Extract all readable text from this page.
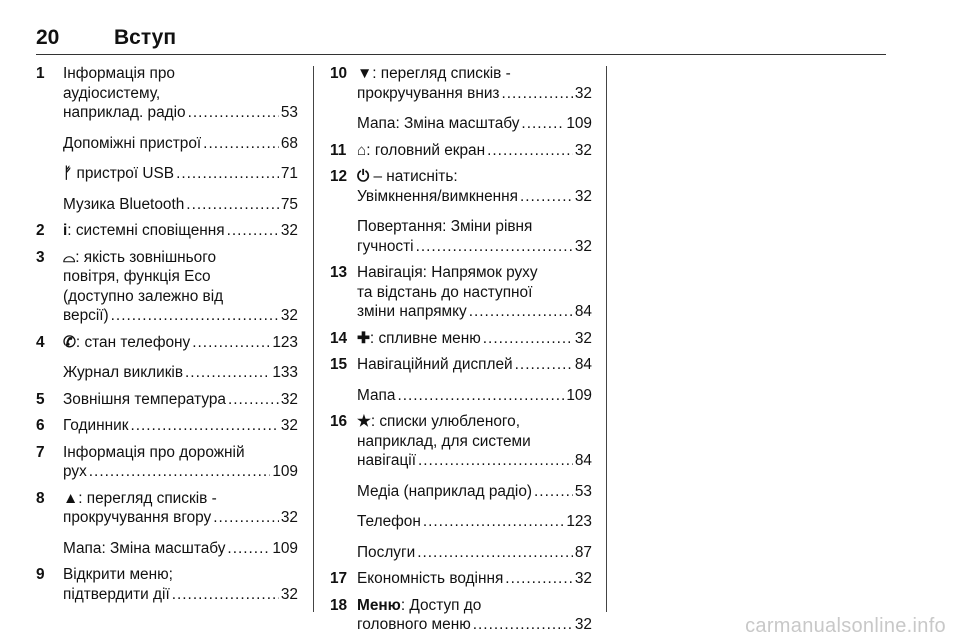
20	Вступ
1	Інформація про
аудіосистему,
наприклад. радіо .....	53
Допоміжні пристрої .....	68
ᚠ пристрої USB .....	71
Музика Bluetooth .....	75
2	i: системні сповіщення .....	32
3	⌓: якість зовнішнього
повітря, функція Eco
(доступно залежно від
версії) .....	32
4	✆: стан телефону .....	123
Журнал викликів .....	133
5	Зовнішня температура .....	32
6	Годинник .....	32
7	Інформація про дорожній
рух .....	109
8	▲: перегляд списків -
прокручування вгору .....	32
Мапа: Зміна масштабу .....	109
9	Відкрити меню;
підтвердити дії .....	32
10 ▼: перегляд списків -
прокручування вниз .....	32
Мапа: Зміна масштабу .....	109
11 ⌂: головний екран .....	32
12 ⏻ – натисніть:
Увімкнення/вимкнення .....	32
Повертання: Зміни рівня
гучності .....	32
13 Навігація: Напрямок руху
та відстань до наступної
зміни напрямку .....	84
14 ✚: спливне меню .....	32
15 Навігаційний дисплей .....	84
Мапа .....	109
16 ★: списки улюбленого,
наприклад, для системи
навігації .....	84
Медіа (наприклад радіо) .....	53
Телефон .....	123
Послуги .....	87
17 Економність водіння .....	32
18 Меню: Доступ до
головного меню .....	32	carmanualsonline.info
